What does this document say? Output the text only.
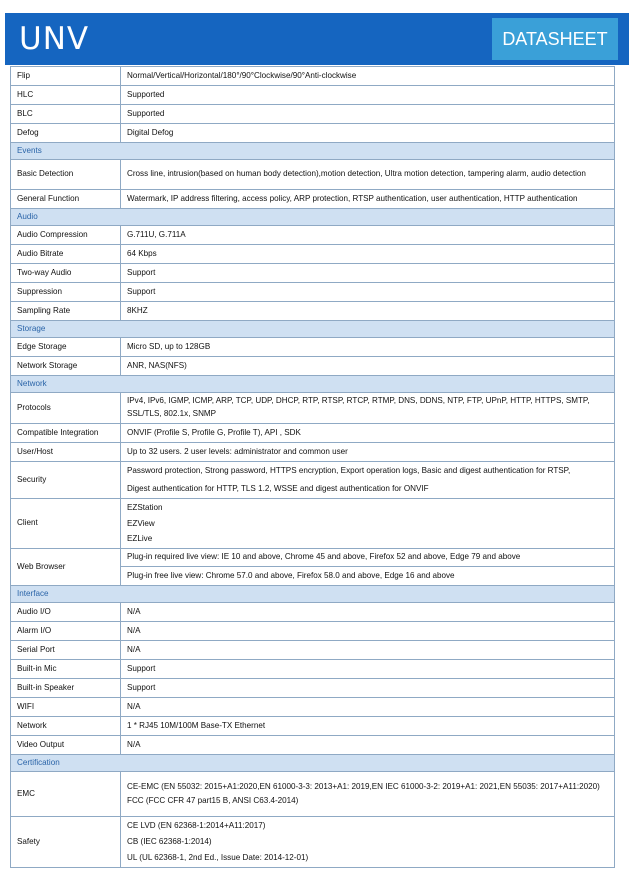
UNV	DATASHEET
Flip	Normal/Vertical/Horizontal/180°/90°Clockwise/90°Anti-clockwise
HLC	Supported
BLC	Supported
Defog	Digital Defog
Events	
Basic Detection	Cross line, intrusion(based on human body detection),motion detection, Ultra motion detection, tampering alarm, audio detection
General Function	Watermark, IP address filtering, access policy, ARP protection, RTSP authentication, user authentication, HTTP authentication
Audio	
Audio Compression	G.711U, G.711A
Audio Bitrate	64 Kbps
Two-way Audio	Support
Suppression	Support
Sampling Rate	8KHZ
Storage	
Edge Storage	Micro SD, up to 128GB
Network Storage	ANR, NAS(NFS)
Network	
Protocols	IPv4, IPv6, IGMP, ICMP, ARP, TCP, UDP, DHCP, RTP, RTSP, RTCP, RTMP, DNS, DDNS, NTP, FTP, UPnP, HTTP, HTTPS, SMTP, SSL/TLS, 802.1x, SNMP
Compatible Integration	ONVIF (Profile S, Profile G, Profile T), API , SDK
User/Host	Up to 32 users. 2 user levels: administrator and common user
Security	Password protection, Strong password, HTTPS encryption, Export operation logs, Basic and digest authentication for RTSP,
Digest authentication for HTTP, TLS 1.2, WSSE and digest authentication for ONVIF

Client	EZStation
EZView
EZLive

Web Browser	Plug-in required live view: IE 10 and above, Chrome 45 and above, Firefox 52 and above, Edge 79 and above
Plug-in free live view: Chrome 57.0 and above, Firefox 58.0 and above, Edge 16 and above

Interface	
Audio I/O	N/A
Alarm I/O	N/A
Serial Port	N/A
Built-in Mic	Support
Built-in Speaker	Support
WIFI	N/A
Network	1 * RJ45 10M/100M Base-TX Ethernet
Video Output	N/A
Certification	
EMC	CE-EMC (EN 55032: 2015+A1:2020,EN 61000-3-3: 2013+A1: 2019,EN IEC 61000-3-2: 2019+A1: 2021,EN 55035: 2017+A11:2020)
FCC (FCC CFR 47 part15 B, ANSI C63.4-2014)

Safety	CE LVD (EN 62368-1:2014+A11:2017)
CB (IEC 62368-1:2014)
UL (UL 62368-1, 2nd Ed., Issue Date: 2014-12-01)
